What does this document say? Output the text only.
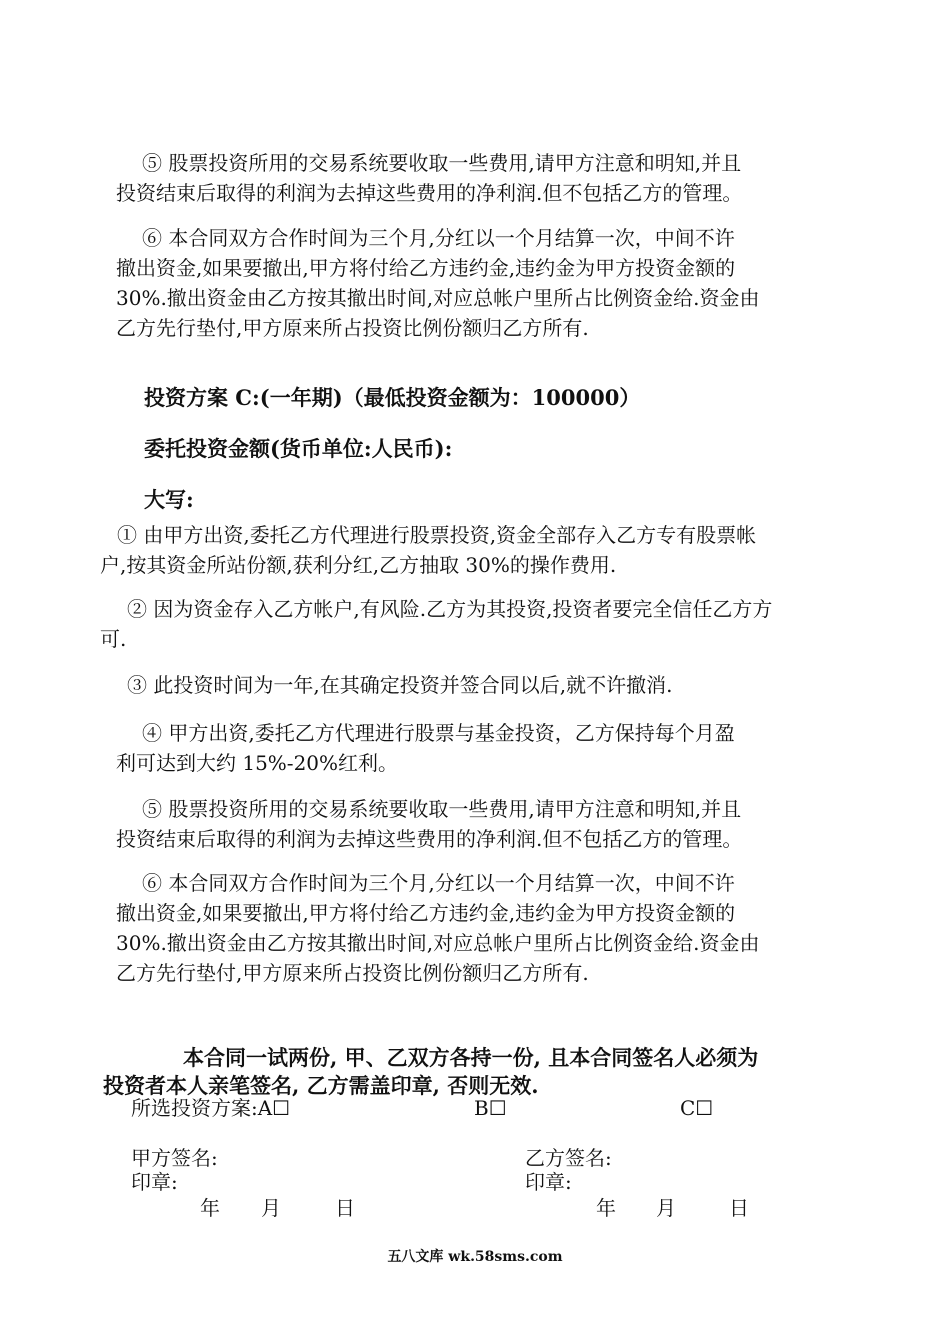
⑤ 股票投资所用的交易系统要收取一些费用,请甲方注意和明知,并且

投资结束后取得的利润为去掉这些费用的净利润.但不包括乙方的管理。

⑥ 本合同双方合作时间为三个月,分红以一个月结算一次，中间不许

撤出资金,如果要撤出,甲方将付给乙方违约金,违约金为甲方投资金额的

30%.撤出资金由乙方按其撤出时间,对应总帐户里所占比例资金给.资金由

乙方先行垫付,甲方原来所占投资比例份额归乙方所有.

投资方案 C:(一年期)（最低投资金额为：100000）
委托投资金额(货币单位:人民币):
大写:

① 由甲方出资,委托乙方代理进行股票投资,资金全部存入乙方专有股票帐

户,按其资金所站份额,获利分红,乙方抽取 30%的操作费用.

② 因为资金存入乙方帐户,有风险.乙方为其投资,投资者要完全信任乙方方

可.

③ 此投资时间为一年,在其确定投资并签合同以后,就不许撤消.

④ 甲方出资,委托乙方代理进行股票与基金投资，乙方保持每个月盈

利可达到大约 15%-20%红利。

⑤ 股票投资所用的交易系统要收取一些费用,请甲方注意和明知,并且

投资结束后取得的利润为去掉这些费用的净利润.但不包括乙方的管理。

⑥ 本合同双方合作时间为三个月,分红以一个月结算一次，中间不许

撤出资金,如果要撤出,甲方将付给乙方违约金,违约金为甲方投资金额的

30%.撤出资金由乙方按其撤出时间,对应总帐户里所占比例资金给.资金由

乙方先行垫付,甲方原来所占投资比例份额归乙方所有.

本合同一试两份, 甲、乙双方各持一份, 且本合同签名人必须为

投资者本人亲笔签名, 乙方需盖印章, 否则无效.

所选投资方案:A☐	B☐	C☐
甲方签名:
印章:
年 月	日
乙方签名:
印章:
年 月	日
五八文库 wk.58sms.com
